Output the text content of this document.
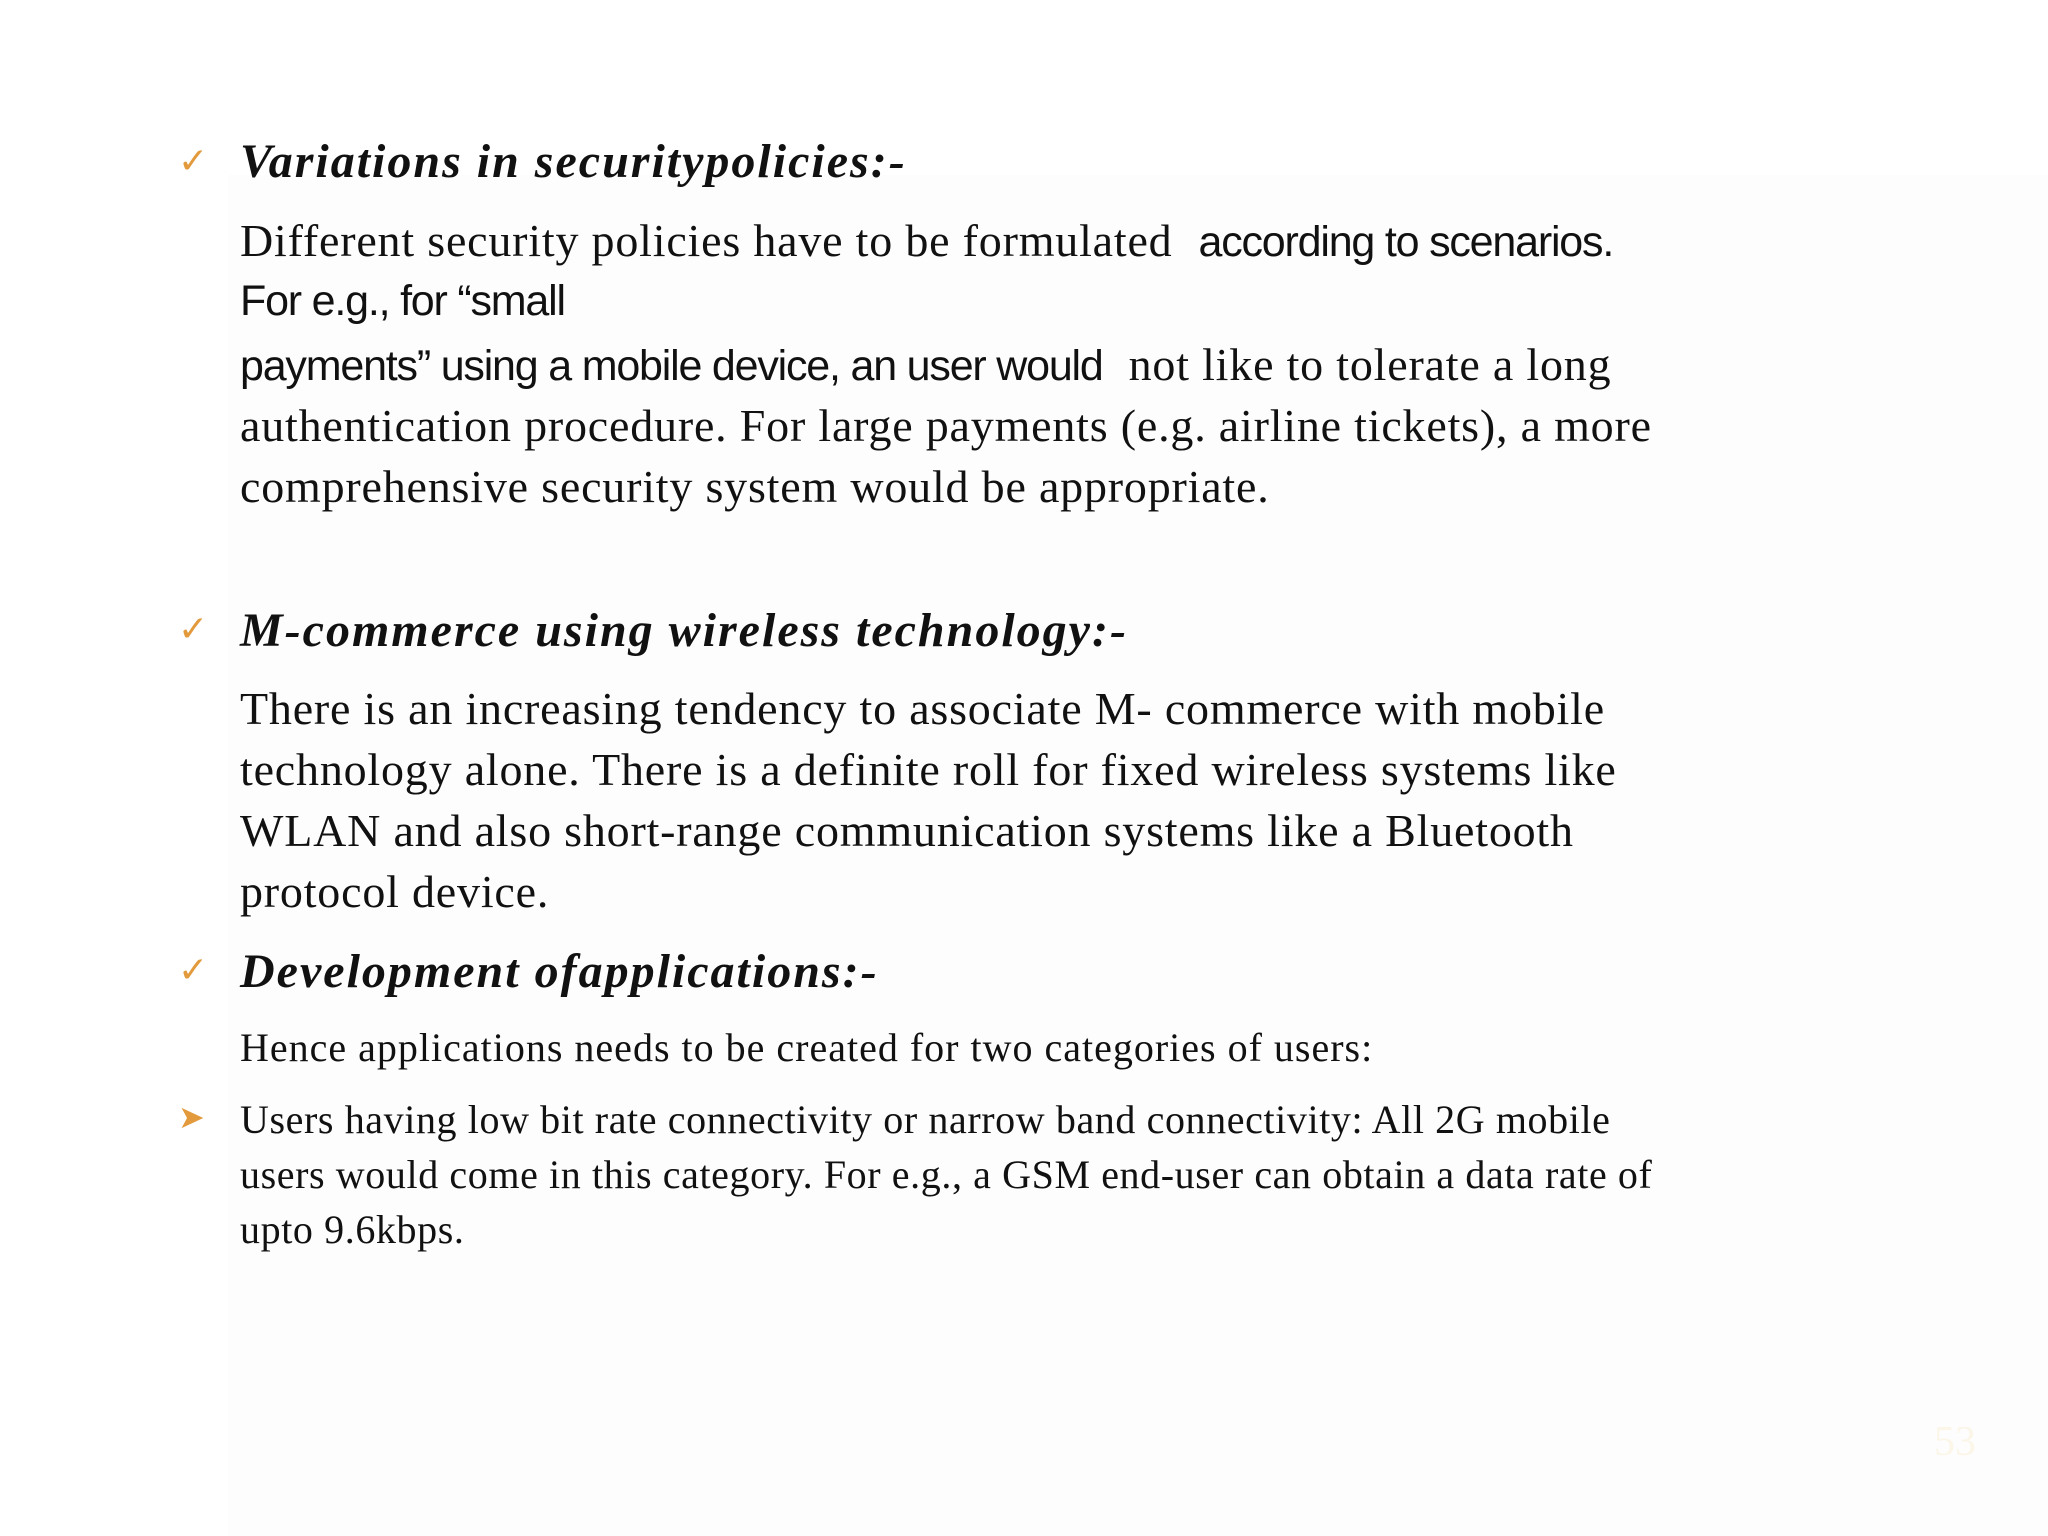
✓ Variations in securitypolicies:-
Different security policies have to be formulated according to scenarios.
For e.g., for “small
payments” using a mobile device, an user would not like to tolerate a long
authentication procedure. For large payments (e.g. airline tickets), a more
comprehensive security system would be appropriate.
✓ M-commerce using wireless technology:-
There is an increasing tendency to associate M- commerce with mobile
technology alone. There is a definite roll for fixed wireless systems like
WLAN and also short-range communication systems like a Bluetooth
protocol device.
✓ Development ofapplications:-
Hence applications needs to be created for two categories of users:
➤ Users having low bit rate connectivity or narrow band connectivity: All 2G mobile
users would come in this category. For e.g., a GSM end-user can obtain a data rate of
upto 9.6kbps.
53
